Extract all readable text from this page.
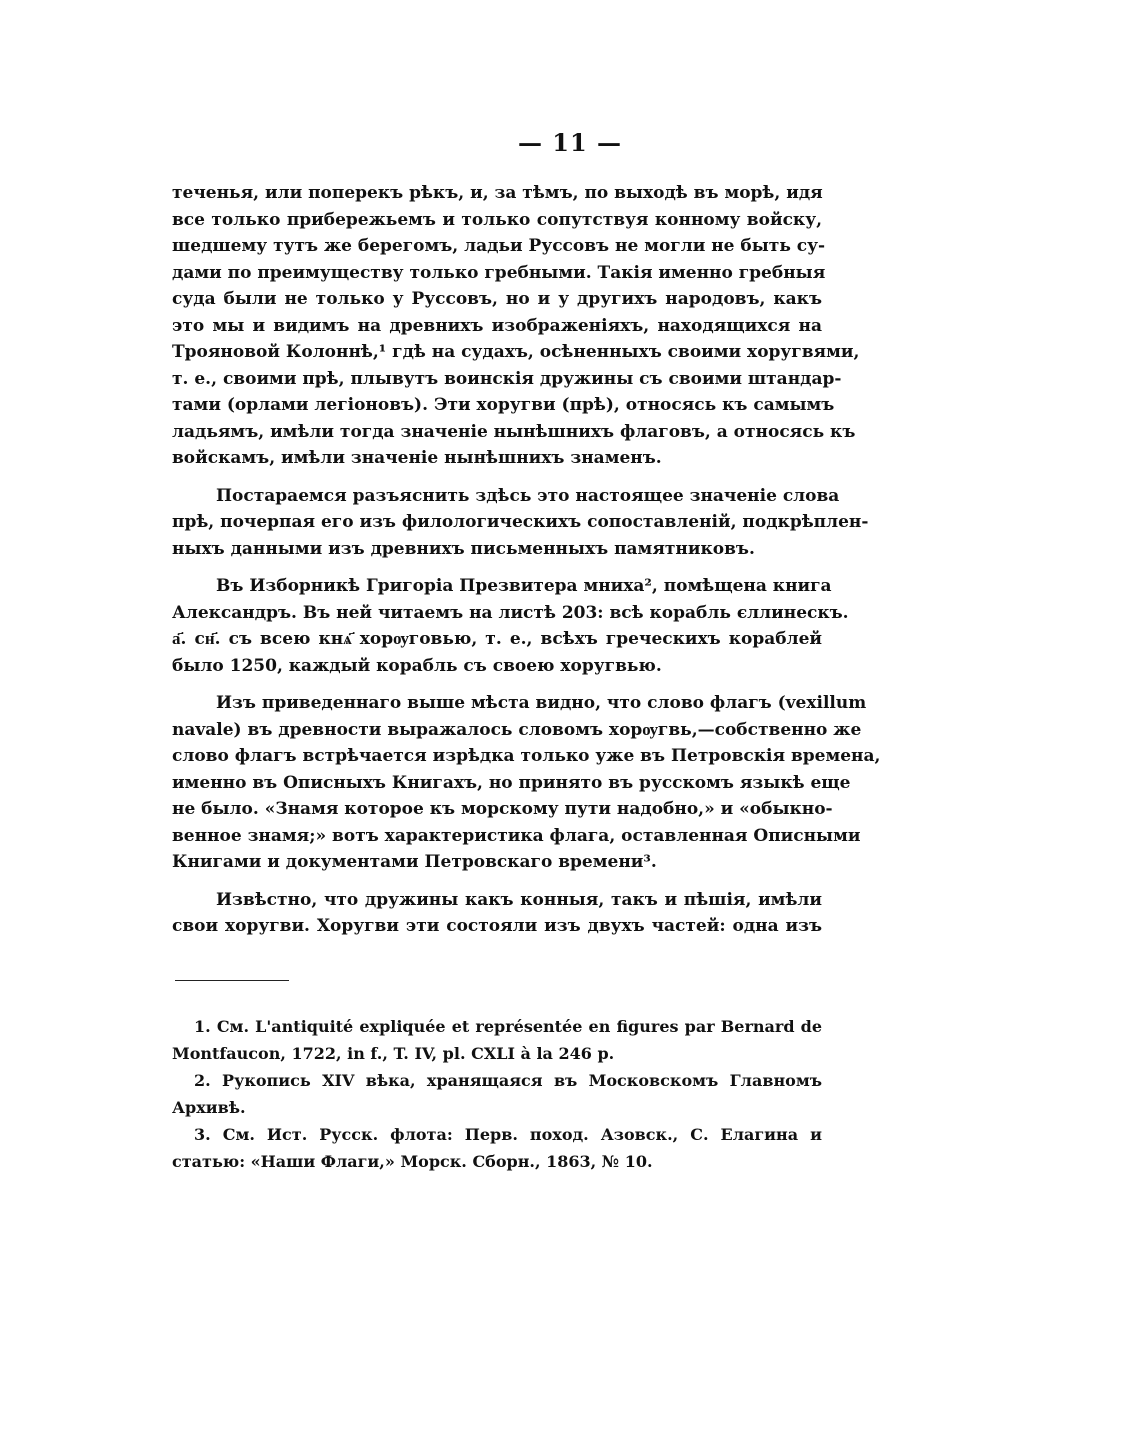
— 11 —
теченья, или поперекъ рѣкъ, и, за тѣмъ, по выходѣ въ морѣ, идя
все только прибережьемъ и только сопутствуя конному войску,
шедшему тутъ же берегомъ, ладьи Руссовъ не могли не быть су-
дами по преимуществу только гребными. Такія именно гребныя
суда были не только у Руссовъ, но и у другихъ народовъ, какъ
это мы и видимъ на древнихъ изображеніяхъ, находящихся на
Трояновой Колоннѣ,¹ гдѣ на судахъ, осѣненныхъ своими хоругвями,
т. е., своими прѣ, плывутъ воинскія дружины съ своими штандар-
тами (орлами легіоновъ). Эти хоругви (прѣ), относясь къ самымъ
ладьямъ, имѣли тогда значеніе нынѣшнихъ флаговъ, а относясь къ
войскамъ, имѣли значеніе нынѣшнихъ знаменъ.
Постараемся разъяснить здѣсь это настоящее значеніе слова
прѣ, почерпая его изъ филологическихъ сопоставленій, подкрѣплен-
ныхъ данными изъ древнихъ письменныхъ памятниковъ.
Въ Изборникѣ Григоріа Презвитера мниха², помѣщена книга
Александръ. Въ ней читаемъ на листѣ 203: всѣ корабль єллинескъ.
а҃. сн҃. съ всею кнѧ҃ хорѹговью, т. е., всѣхъ греческихъ кораблей
было 1250, каждый корабль съ своею хоругвью.
Изъ приведеннаго выше мѣста видно, что слово флагъ (vexillum
navale) въ древности выражалось словомъ хорѹгвь,—собственно же
слово флагъ встрѣчается изрѣдка только уже въ Петровскія времена,
именно въ Описныхъ Книгахъ, но принято въ русскомъ языкѣ еще
не было. «Знамя которое къ морскому пути надобно,» и «обыкно-
венное знамя;» вотъ характеристика флага, оставленная Описными
Книгами и документами Петровскаго времени³.
Извѣстно, что дружины какъ конныя, такъ и пѣшія, имѣли
свои хоругви. Хоругви эти состояли изъ двухъ частей: одна изъ
1. См. L'antiquité expliquée et représentée en figures par Bernard de
Montfaucon, 1722, in f., T. IV, pl. CXLI à la 246 p.
2. Рукопись XIV вѣка, хранящаяся въ Московскомъ Главномъ
Архивѣ.
3. См. Ист. Русск. флота: Перв. поход. Азовск., С. Елагина и
статью: «Наши Флаги,» Морск. Сборн., 1863, № 10.
